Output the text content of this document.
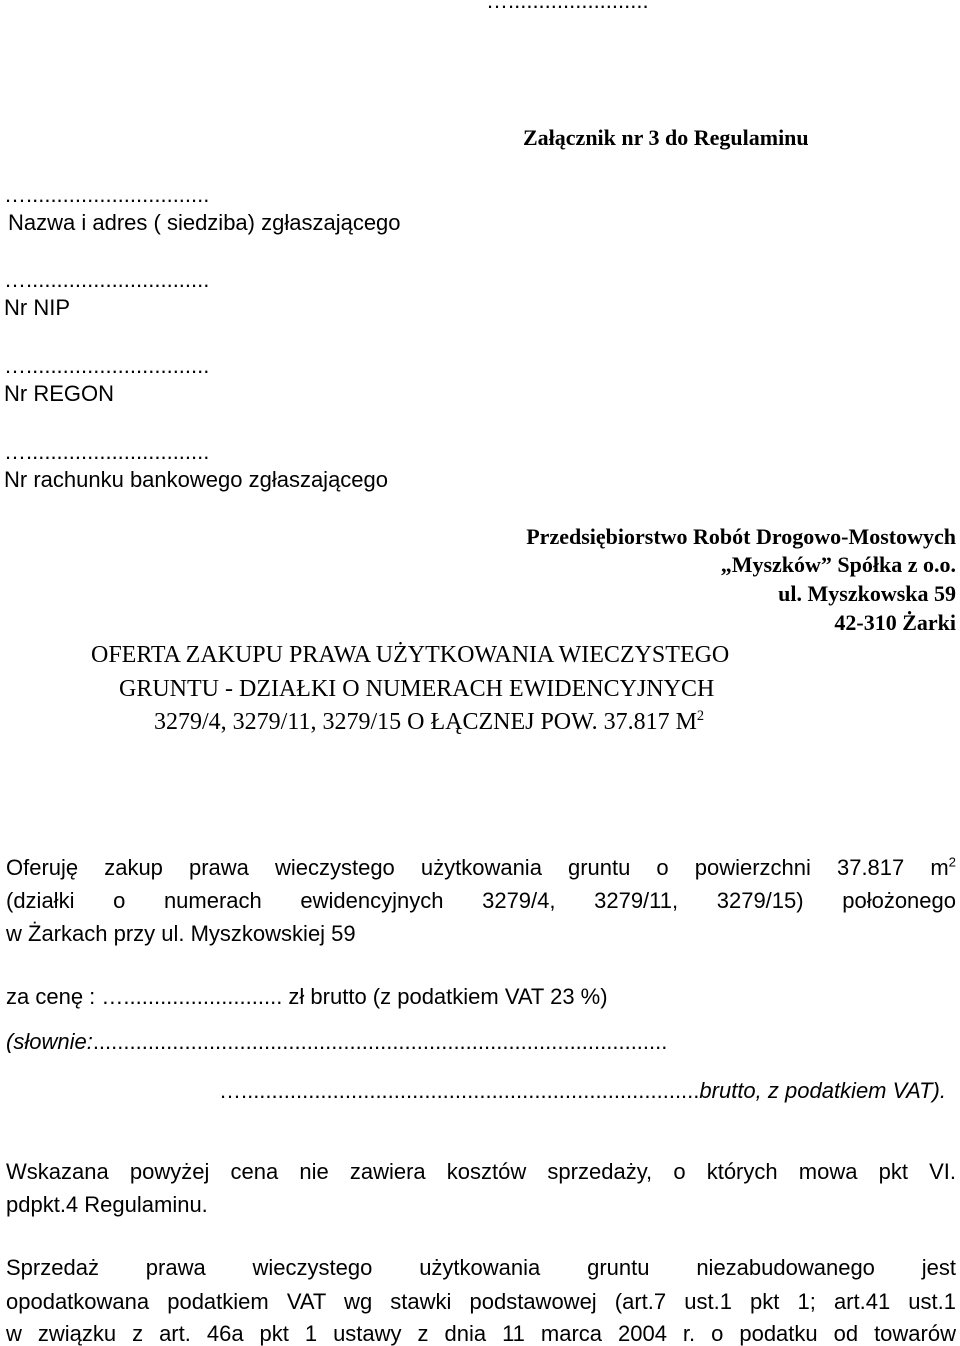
….......................
Załącznik nr 3 do Regulaminu
…..............................
Nazwa i adres ( siedziba) zgłaszającego
…..............................
Nr NIP
…..............................
Nr REGON
…..............................
Nr rachunku bankowego zgłaszającego
Przedsiębiorstwo Robót Drogowo-Mostowych
„Myszków” Spółka z o.o.
ul. Myszkowska 59
42-310 Żarki
OFERTA ZAKUPU PRAWA UŻYTKOWANIA WIECZYSTEGO
GRUNTU - DZIAŁKI O NUMERACH EWIDENCYJNYCH
3279/4, 3279/11, 3279/15 O ŁĄCZNEJ POW. 37.817 $M^2$
Oferuję zakup prawa wieczystego użytkowania gruntu o powierzchni 37.817 $m^2$
(działki o numerach ewidencyjnych 3279/4, 3279/11, 3279/15) położonego
w Żarkach przy ul. Myszkowskiej 59
za cenę : ….......................... zł brutto (z podatkiem VAT 23 %)
(słownie:..............................................................................................
…...........................................................................brutto, z podatkiem VAT).
Wskazana powyżej cena nie zawiera kosztów sprzedaży, o których mowa pkt VI.
pdpkt.4 Regulaminu.
Sprzedaż prawa wieczystego użytkowania gruntu niezabudowanego jest
opodatkowana podatkiem VAT wg stawki podstawowej (art.7 ust.1 pkt 1; art.41 ust.1
w związku z art. 46a pkt 1 ustawy z dnia 11 marca 2004 r. o podatku od towarów
